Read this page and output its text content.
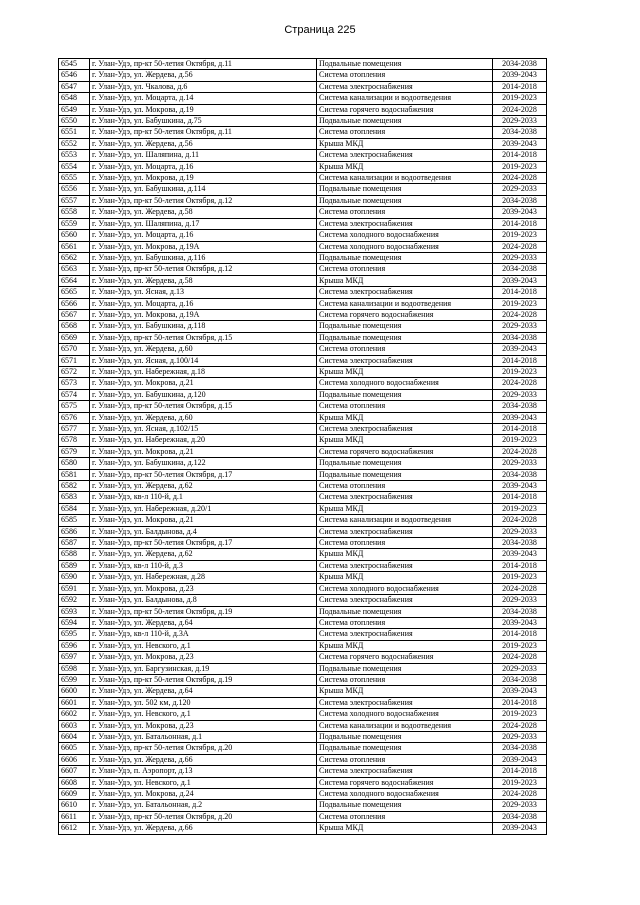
Страница 225
6545	г. Улан-Удэ, пр-кт 50-летия Октября, д.11	Подвальные помещения	2034-2038
6546	г. Улан-Удэ, ул. Жердева, д.56	Система отопления	2039-2043
6547	г. Улан-Удэ, ул. Чкалова, д.6	Система электроснабжения	2014-2018
6548	г. Улан-Удэ, ул. Моцарта, д.14	Система канализации и водоотведения	2019-2023
6549	г. Улан-Удэ, ул. Мокрова, д.19	Система горячего водоснабжения	2024-2028
6550	г. Улан-Удэ, ул. Бабушкина, д.75	Подвальные помещения	2029-2033
6551	г. Улан-Удэ, пр-кт 50-летия Октября, д.11	Система отопления	2034-2038
6552	г. Улан-Удэ, ул. Жердева, д.56	Крыша МКД	2039-2043
6553	г. Улан-Удэ, ул. Шаляпина, д.11	Система электроснабжения	2014-2018
6554	г. Улан-Удэ, ул. Моцарта, д.16	Крыша МКД	2019-2023
6555	г. Улан-Удэ, ул. Мокрова, д.19	Система канализации и водоотведения	2024-2028
6556	г. Улан-Удэ, ул. Бабушкина, д.114	Подвальные помещения	2029-2033
6557	г. Улан-Удэ, пр-кт 50-летия Октября, д.12	Подвальные помещения	2034-2038
6558	г. Улан-Удэ, ул. Жердева, д.58	Система отопления	2039-2043
6559	г. Улан-Удэ, ул. Шаляпина, д.17	Система электроснабжения	2014-2018
6560	г. Улан-Удэ, ул. Моцарта, д.16	Система холодного водоснабжения	2019-2023
6561	г. Улан-Удэ, ул. Мокрова, д.19А	Система холодного водоснабжения	2024-2028
6562	г. Улан-Удэ, ул. Бабушкина, д.116	Подвальные помещения	2029-2033
6563	г. Улан-Удэ, пр-кт 50-летия Октября, д.12	Система отопления	2034-2038
6564	г. Улан-Удэ, ул. Жердева, д.58	Крыша МКД	2039-2043
6565	г. Улан-Удэ, ул. Ясная, д.13	Система электроснабжения	2014-2018
6566	г. Улан-Удэ, ул. Моцарта, д.16	Система канализации и водоотведения	2019-2023
6567	г. Улан-Удэ, ул. Мокрова, д.19А	Система горячего водоснабжения	2024-2028
6568	г. Улан-Удэ, ул. Бабушкина, д.118	Подвальные помещения	2029-2033
6569	г. Улан-Удэ, пр-кт 50-летия Октября, д.15	Подвальные помещения	2034-2038
6570	г. Улан-Удэ, ул. Жердева, д.60	Система отопления	2039-2043
6571	г. Улан-Удэ, ул. Ясная, д.100/14	Система электроснабжения	2014-2018
6572	г. Улан-Удэ, ул. Набережная, д.18	Крыша МКД	2019-2023
6573	г. Улан-Удэ, ул. Мокрова, д.21	Система холодного водоснабжения	2024-2028
6574	г. Улан-Удэ, ул. Бабушкина, д.120	Подвальные помещения	2029-2033
6575	г. Улан-Удэ, пр-кт 50-летия Октября, д.15	Система отопления	2034-2038
6576	г. Улан-Удэ, ул. Жердева, д.60	Крыша МКД	2039-2043
6577	г. Улан-Удэ, ул. Ясная, д.102/15	Система электроснабжения	2014-2018
6578	г. Улан-Удэ, ул. Набережная, д.20	Крыша МКД	2019-2023
6579	г. Улан-Удэ, ул. Мокрова, д.21	Система горячего водоснабжения	2024-2028
6580	г. Улан-Удэ, ул. Бабушкина, д.122	Подвальные помещения	2029-2033
6581	г. Улан-Удэ, пр-кт 50-летия Октября, д.17	Подвальные помещения	2034-2038
6582	г. Улан-Удэ, ул. Жердева, д.62	Система отопления	2039-2043
6583	г. Улан-Удэ, кв-л 110-й, д.1	Система электроснабжения	2014-2018
6584	г. Улан-Удэ, ул. Набережная, д.20/1	Крыша МКД	2019-2023
6585	г. Улан-Удэ, ул. Мокрова, д.21	Система канализации и водоотведения	2024-2028
6586	г. Улан-Удэ, ул. Балдынова, д.4	Система электроснабжения	2029-2033
6587	г. Улан-Удэ, пр-кт 50-летия Октября, д.17	Система отопления	2034-2038
6588	г. Улан-Удэ, ул. Жердева, д.62	Крыша МКД	2039-2043
6589	г. Улан-Удэ, кв-л 110-й, д.3	Система электроснабжения	2014-2018
6590	г. Улан-Удэ, ул. Набережная, д.28	Крыша МКД	2019-2023
6591	г. Улан-Удэ, ул. Мокрова, д.23	Система холодного водоснабжения	2024-2028
6592	г. Улан-Удэ, ул. Балдынова, д.8	Система электроснабжения	2029-2033
6593	г. Улан-Удэ, пр-кт 50-летия Октября, д.19	Подвальные помещения	2034-2038
6594	г. Улан-Удэ, ул. Жердева, д.64	Система отопления	2039-2043
6595	г. Улан-Удэ, кв-л 110-й, д.3А	Система электроснабжения	2014-2018
6596	г. Улан-Удэ, ул. Невского, д.1	Крыша МКД	2019-2023
6597	г. Улан-Удэ, ул. Мокрова, д.23	Система горячего водоснабжения	2024-2028
6598	г. Улан-Удэ, ул. Баргузинская, д.19	Подвальные помещения	2029-2033
6599	г. Улан-Удэ, пр-кт 50-летия Октября, д.19	Система отопления	2034-2038
6600	г. Улан-Удэ, ул. Жердева, д.64	Крыша МКД	2039-2043
6601	г. Улан-Удэ, ул. 502 км, д.120	Система электроснабжения	2014-2018
6602	г. Улан-Удэ, ул. Невского, д.1	Система холодного водоснабжения	2019-2023
6603	г. Улан-Удэ, ул. Мокрова, д.23	Система канализации и водоотведения	2024-2028
6604	г. Улан-Удэ, ул. Батальонная, д.1	Подвальные помещения	2029-2033
6605	г. Улан-Удэ, пр-кт 50-летия Октября, д.20	Подвальные помещения	2034-2038
6606	г. Улан-Удэ, ул. Жердева, д.66	Система отопления	2039-2043
6607	г. Улан-Удэ, п. Аэропорт, д.13	Система электроснабжения	2014-2018
6608	г. Улан-Удэ, ул. Невского, д.1	Система горячего водоснабжения	2019-2023
6609	г. Улан-Удэ, ул. Мокрова, д.24	Система холодного водоснабжения	2024-2028
6610	г. Улан-Удэ, ул. Батальонная, д.2	Подвальные помещения	2029-2033
6611	г. Улан-Удэ, пр-кт 50-летия Октября, д.20	Система отопления	2034-2038
6612	г. Улан-Удэ, ул. Жердева, д.66	Крыша МКД	2039-2043
